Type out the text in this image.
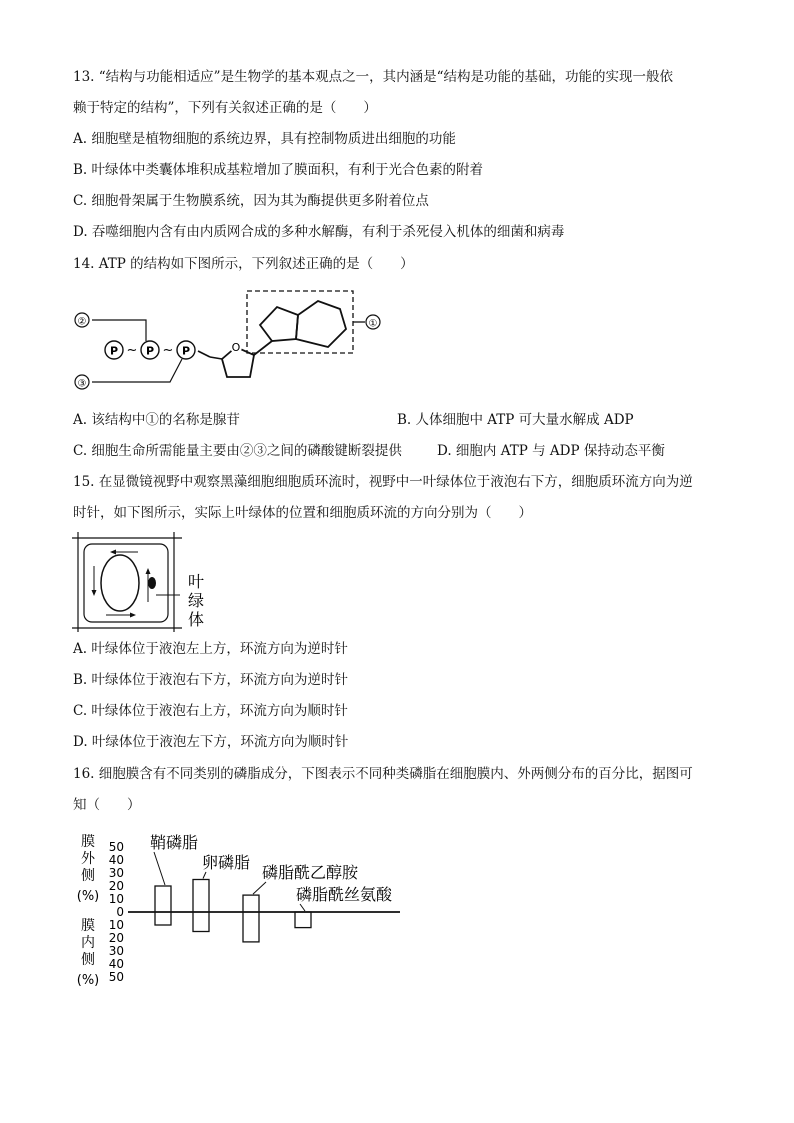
13. “结构与功能相适应”是生物学的基本观点之一，其内涵是“结构是功能的基础，功能的实现一般依
赖于特定的结构”，下列有关叙述正确的是（　　）
A. 细胞壁是植物细胞的系统边界，具有控制物质进出细胞的功能
B. 叶绿体中类囊体堆积成基粒增加了膜面积，有利于光合色素的附着
C. 细胞骨架属于生物膜系统，因为其为酶提供更多附着位点
D. 吞噬细胞内含有由内质网合成的多种水解酶，有利于杀死侵入机体的细菌和病毒
14. ATP 的结构如下图所示，下列叙述正确的是（　　）
①
O
P ~ P ~ P
②
③
A. 该结构中①的名称是腺苷	B. 人体细胞中 ATP 可大量水解成 ADP
C. 细胞生命所需能量主要由②③之间的磷酸键断裂提供	D. 细胞内 ATP 与 ADP 保持动态平衡
15. 在显微镜视野中观察黑藻细胞细胞质环流时，视野中一叶绿体位于液泡右下方，细胞质环流方向为逆
时针，如下图所示，实际上叶绿体的位置和细胞质环流的方向分别为（　　）
叶
绿
体
A. 叶绿体位于液泡左上方，环流方向为逆时针
B. 叶绿体位于液泡右下方，环流方向为逆时针
C. 叶绿体位于液泡右上方，环流方向为顺时针
D. 叶绿体位于液泡左下方，环流方向为顺时针
16. 细胞膜含有不同类别的磷脂成分，下图表示不同种类磷脂在细胞膜内、外两侧分布的百分比，据图可
知（　　）
膜
外
侧
(%)
膜
内
侧
(%)
50
40
30
20
10
0
10
20
30
40
50
鞘磷脂
卵磷脂
磷脂酰乙醇胺
磷脂酰丝氨酸
